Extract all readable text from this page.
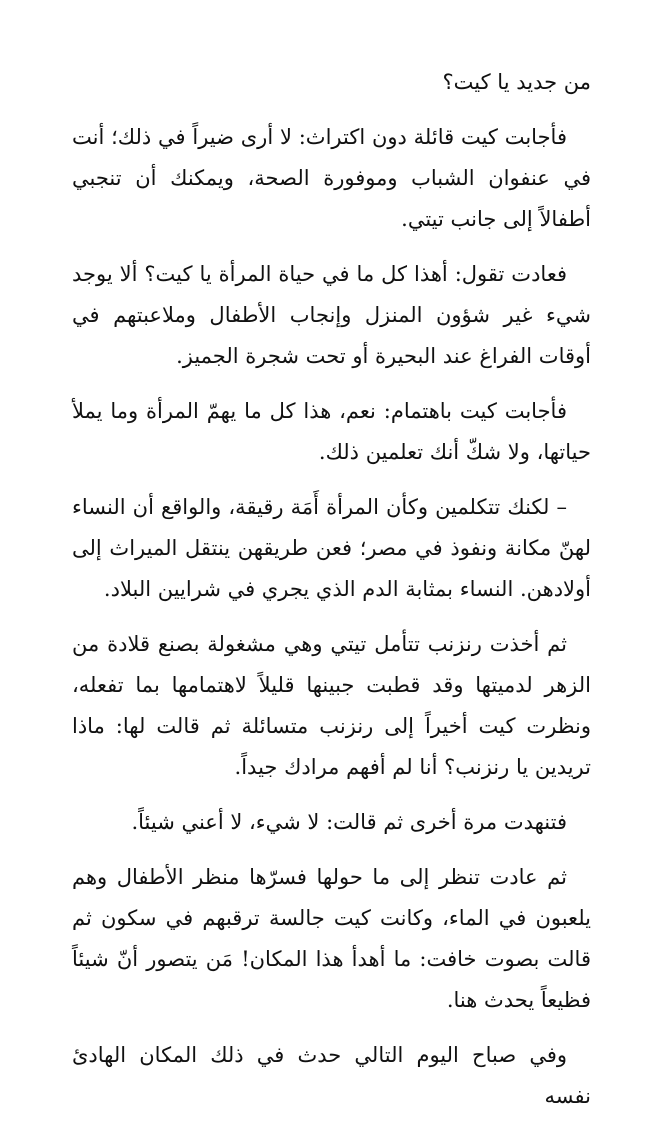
من جديد يا كيت؟

فأجابت كيت قائلة دون اكتراث: لا أرى ضيراً في ذلك؛ أنت في عنفوان الشباب وموفورة الصحة، ويمكنك أن تنجبي أطفالاً إلى جانب تيتي.

فعادت تقول: أهذا كل ما في حياة المرأة يا كيت؟ ألا يوجد شيء غير شؤون المنزل وإنجاب الأطفال وملاعبتهم في أوقات الفراغ عند البحيرة أو تحت شجرة الجميز.

فأجابت كيت باهتمام: نعم، هذا كل ما يهمّ المرأة وما يملأ حياتها، ولا شكّ أنك تعلمين ذلك.

– لكنك تتكلمين وكأن المرأة أَمَة رقيقة، والواقع أن النساء لهنّ مكانة ونفوذ في مصر؛ فعن طريقهن ينتقل الميراث إلى أولادهن. النساء بمثابة الدم الذي يجري في شرايين البلاد.

ثم أخذت رنزنب تتأمل تيتي وهي مشغولة بصنع قلادة من الزهر لدميتها وقد قطبت جبينها قليلاً لاهتمامها بما تفعله، ونظرت كيت أخيراً إلى رنزنب متسائلة ثم قالت لها: ماذا تريدين يا رنزنب؟ أنا لم أفهم مرادك جيداً.

فتنهدت مرة أخرى ثم قالت: لا شيء، لا أعني شيئاً.

ثم عادت تنظر إلى ما حولها فسرّها منظر الأطفال وهم يلعبون في الماء، وكانت كيت جالسة ترقبهم في سكون ثم قالت بصوت خافت: ما أهدأ هذا المكان! مَن يتصور أنّ شيئاً فظيعاً يحدث هنا.

وفي صباح اليوم التالي حدث في ذلك المكان الهادئ نفسه
